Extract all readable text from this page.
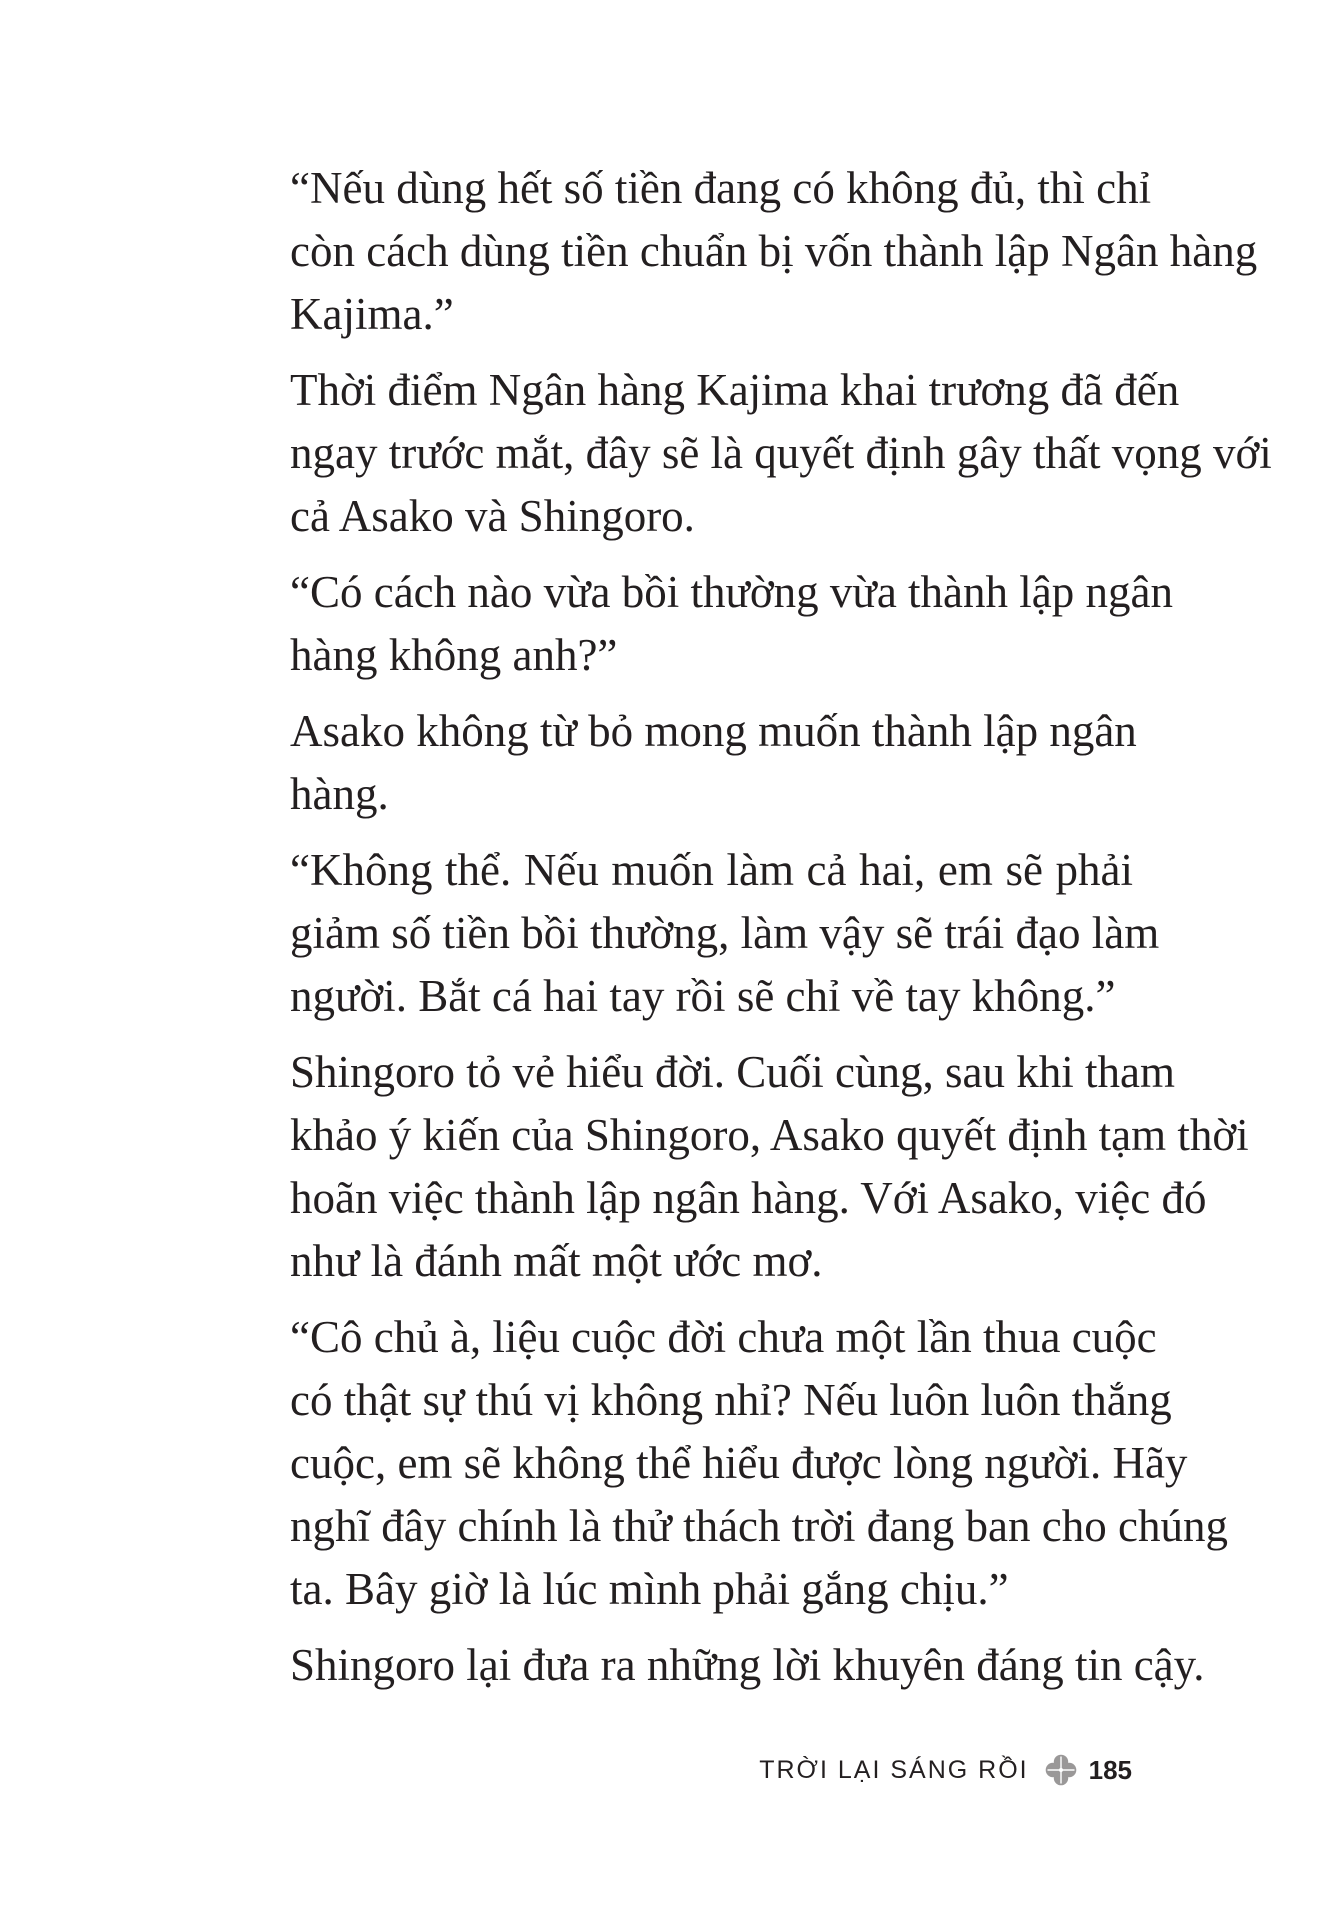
“Nếu dùng hết số tiền đang có không đủ, thì chỉ
còn cách dùng tiền chuẩn bị vốn thành lập Ngân hàng
Kajima.”

Thời điểm Ngân hàng Kajima khai trương đã đến
ngay trước mắt, đây sẽ là quyết định gây thất vọng với
cả Asako và Shingoro.

“Có cách nào vừa bồi thường vừa thành lập ngân
hàng không anh?”

Asako không từ bỏ mong muốn thành lập ngân
hàng.

“Không thể. Nếu muốn làm cả hai, em sẽ phải
giảm số tiền bồi thường, làm vậy sẽ trái đạo làm
người. Bắt cá hai tay rồi sẽ chỉ về tay không.”

Shingoro tỏ vẻ hiểu đời. Cuối cùng, sau khi tham
khảo ý kiến của Shingoro, Asako quyết định tạm thời
hoãn việc thành lập ngân hàng. Với Asako, việc đó
như là đánh mất một ước mơ.

“Cô chủ à, liệu cuộc đời chưa một lần thua cuộc
có thật sự thú vị không nhỉ? Nếu luôn luôn thắng
cuộc, em sẽ không thể hiểu được lòng người. Hãy
nghĩ đây chính là thử thách trời đang ban cho chúng
ta. Bây giờ là lúc mình phải gắng chịu.”

Shingoro lại đưa ra những lời khuyên đáng tin cậy.

TRỜI LẠI SÁNG RỒI 185
